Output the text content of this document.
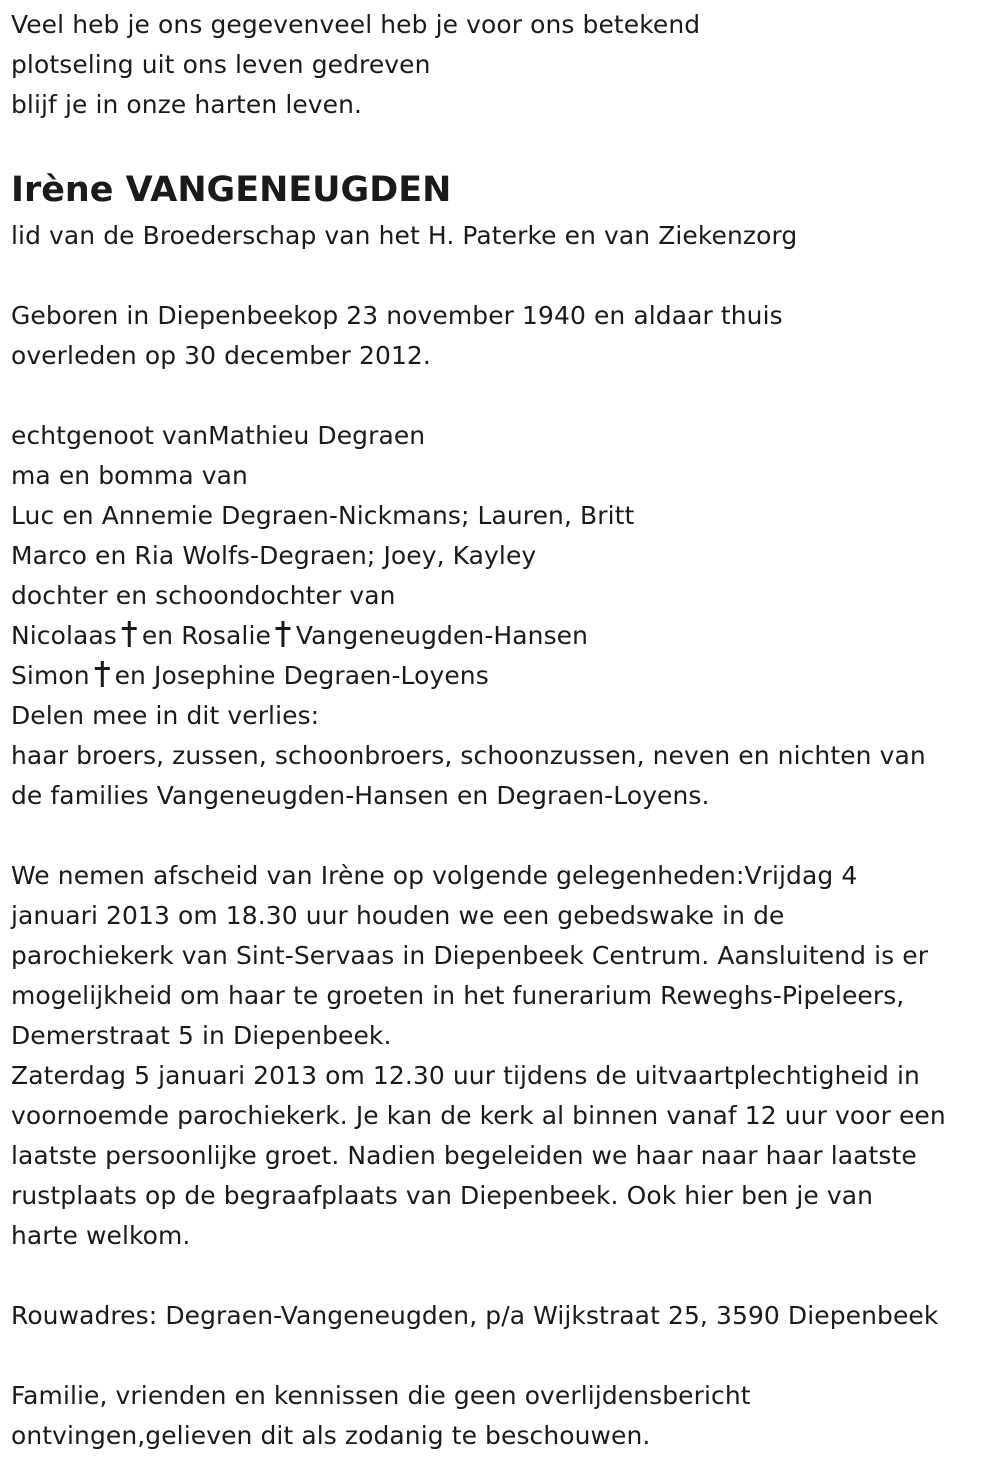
Veel heb je ons gegevenveel heb je voor ons betekend
plotseling uit ons leven gedreven
blijf je in onze harten leven.
Irène VANGENEUGDEN
lid van de Broederschap van het H. Paterke en van Ziekenzorg
Geboren in Diepenbeekop 23 november 1940 en aldaar thuis
overleden op 30 december 2012.
echtgenoot vanMathieu Degraen
ma en bomma van
Luc en Annemie Degraen-Nickmans; Lauren, Britt
Marco en Ria Wolfs-Degraen; Joey, Kayley
dochter en schoondochter van
Nicolaas en Rosalie Vangeneugden-Hansen
Simon en Josephine Degraen-Loyens
Delen mee in dit verlies:
haar broers, zussen, schoonbroers, schoonzussen, neven en nichten van
de families Vangeneugden-Hansen en Degraen-Loyens.
We nemen afscheid van Irène op volgende gelegenheden:Vrijdag 4
januari 2013 om 18.30 uur houden we een gebedswake in de
parochiekerk van Sint-Servaas in Diepenbeek Centrum. Aansluitend is er
mogelijkheid om haar te groeten in het funerarium Reweghs-Pipeleers,
Demerstraat 5 in Diepenbeek.
Zaterdag 5 januari 2013 om 12.30 uur tijdens de uitvaartplechtigheid in
voornoemde parochiekerk. Je kan de kerk al binnen vanaf 12 uur voor een
laatste persoonlijke groet. Nadien begeleiden we haar naar haar laatste
rustplaats op de begraafplaats van Diepenbeek. Ook hier ben je van
harte welkom.
Rouwadres: Degraen-Vangeneugden, p/a Wijkstraat 25, 3590 Diepenbeek
Familie, vrienden en kennissen die geen overlijdensbericht
ontvingen,gelieven dit als zodanig te beschouwen.
